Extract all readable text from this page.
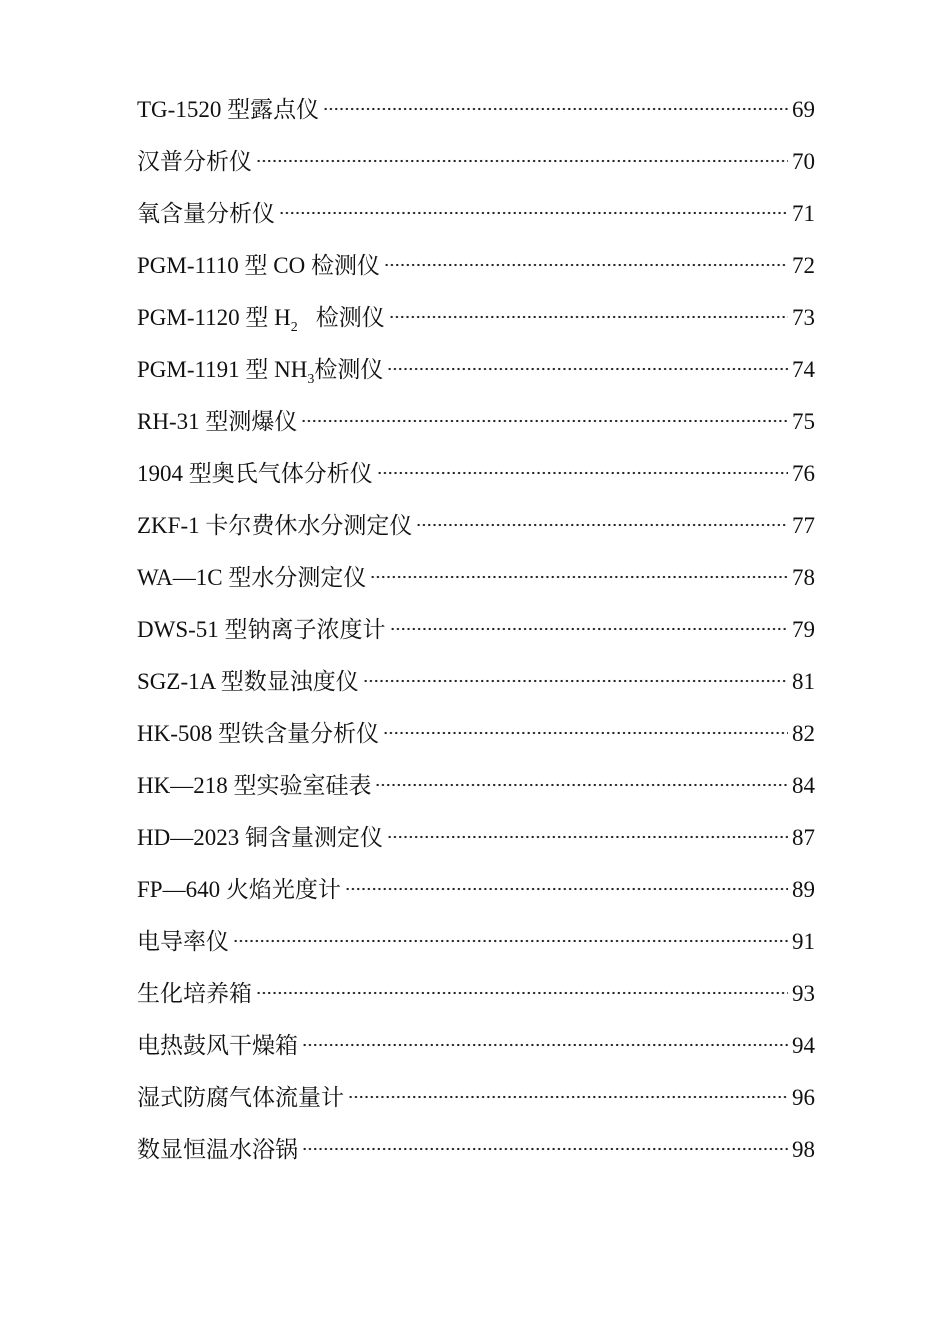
TG-1520 型露点仪	69
汉普分析仪	70
氧含量分析仪	71
PGM-1110 型 CO 检测仪	72
PGM-1120 型 $H_2$ 检测仪	73
PGM-1191 型 $NH_3$检测仪	74
RH-31 型测爆仪	75
1904 型奥氏气体分析仪	76
ZKF-1 卡尔费休水分测定仪	77
WA—1C 型水分测定仪	78
DWS-51 型钠离子浓度计	79
SGZ-1A 型数显浊度仪	81
HK-508 型铁含量分析仪	82
HK—218 型实验室硅表	84
HD—2023 铜含量测定仪	87
FP—640 火焰光度计	89
电导率仪	91
生化培养箱	93
电热鼓风干燥箱	94
湿式防腐气体流量计	96
数显恒温水浴锅	98
